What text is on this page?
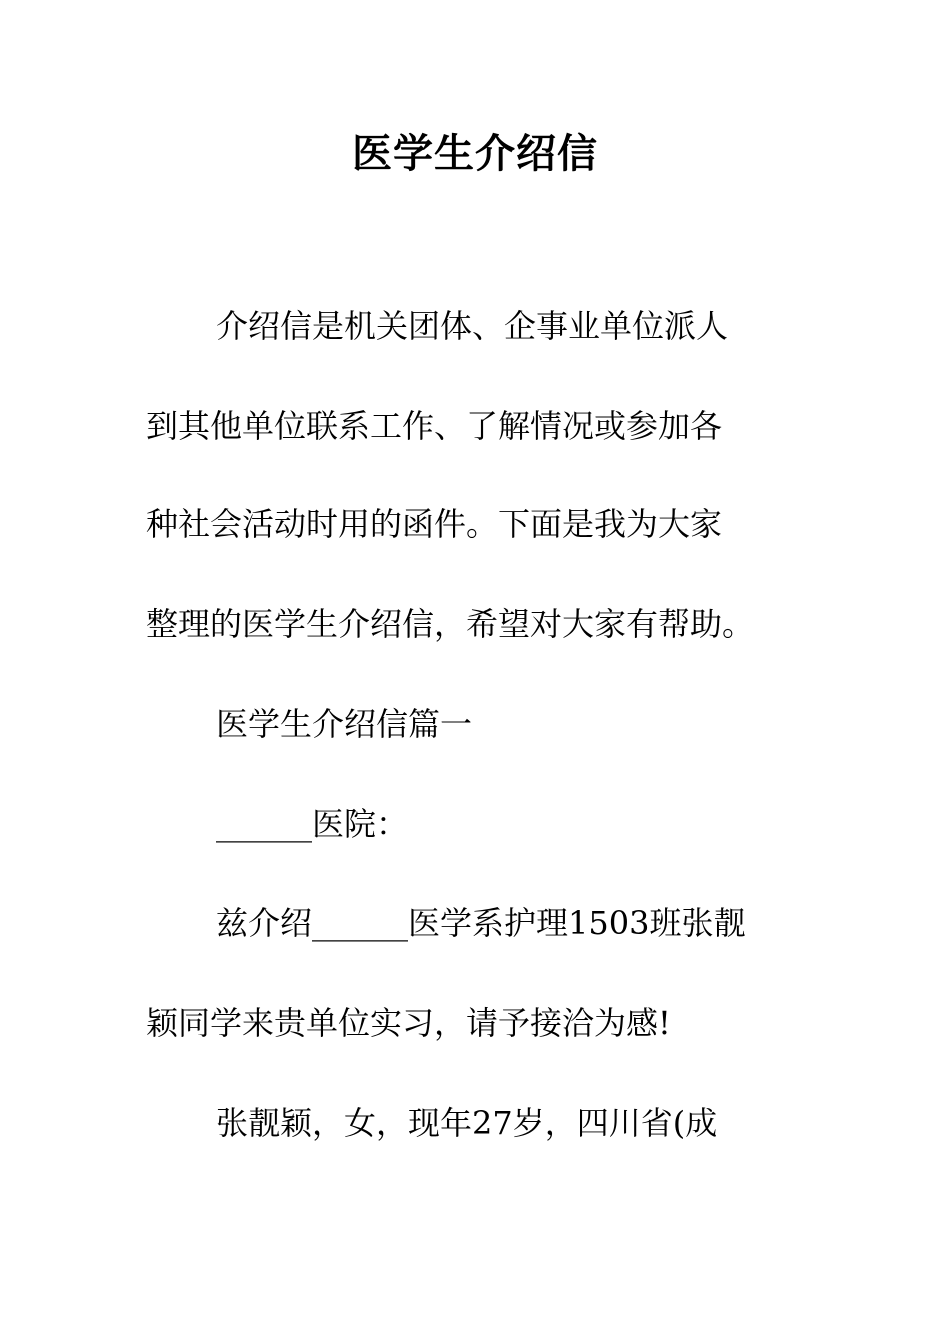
医学生介绍信
介绍信是机关团体、企事业单位派人
到其他单位联系工作、了解情况或参加各
种社会活动时用的函件。下面是我为大家
整理的医学生介绍信，希望对大家有帮助。
医学生介绍信篇一
______医院：
兹介绍______医学系护理1503班张靓
颖同学来贵单位实习，请予接洽为感!
张靓颖，女，现年27岁，四川省(成
